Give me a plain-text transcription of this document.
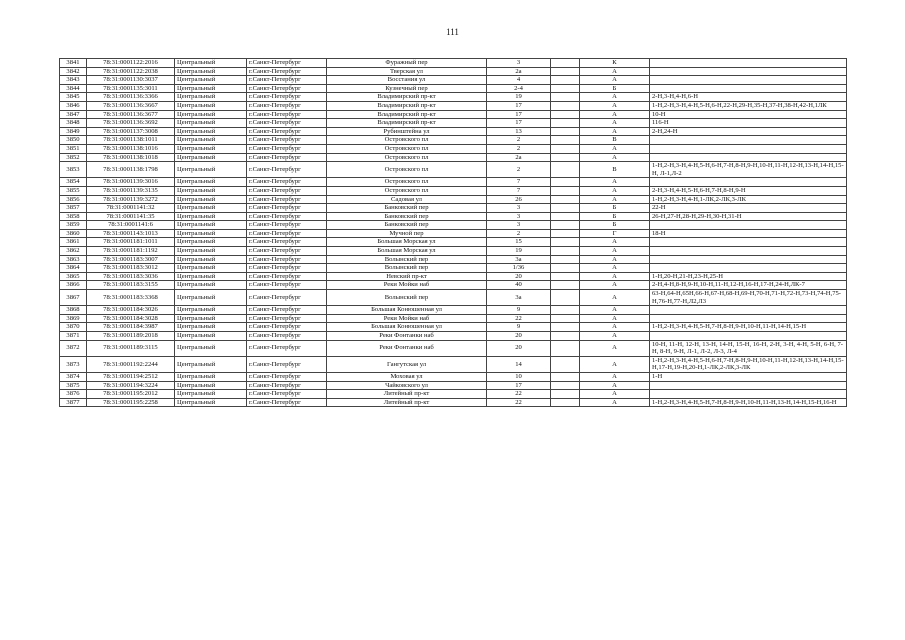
111
3841	78:31:0001122:2016	Центральный	г.Санкт-Петербург	Фуражный пер	3		К	
3842	78:31:0001122:2038	Центральный	г.Санкт-Петербург	Тверская ул	2а		А	
3843	78:31:0001130:3037	Центральный	г.Санкт-Петербург	Восстания ул	4		А	
3844	78:31:0001135:3011	Центральный	г.Санкт-Петербург	Кузнечный пер	2-4		Б	
3845	78:31:0001136:3366	Центральный	г.Санкт-Петербург	Владимирский пр-кт	19		А	2-Н,3-Н,4-Н,6-Н
3846	78:31:0001136:3667	Центральный	г.Санкт-Петербург	Владимирский пр-кт	17		А	1-Н,2-Н,3-Н,4-Н,5-Н,6-Н,22-Н,29-Н,35-Н,37-Н,38-Н,42-Н,1ЛК
3847	78:31:0001136:3677	Центральный	г.Санкт-Петербург	Владимирский пр-кт	17		А	10-Н
3848	78:31:0001136:3692	Центральный	г.Санкт-Петербург	Владимирский пр-кт	17		А	116-Н
3849	78:31:0001137:3008	Центральный	г.Санкт-Петербург	Рубинштейна ул	13		А	2-Н,24-Н
3850	78:31:0001138:1011	Центральный	г.Санкт-Петербург	Островского пл	2		В	
3851	78:31:0001138:1016	Центральный	г.Санкт-Петербург	Островского пл	2		А	
3852	78:31:0001138:1018	Центральный	г.Санкт-Петербург	Островского пл	2а		А	
3853	78:31:0001138:1798	Центральный	г.Санкт-Петербург	Островского пл	2		В	1-Н,2-Н,3-Н,4-Н,5-Н,6-Н,7-Н,8-Н,9-Н,10-Н,11-Н,12-Н,13-Н,14-Н,15-Н, Л-1,Л-2
3854	78:31:0001139:3016	Центральный	г.Санкт-Петербург	Островского пл	7		А	
3855	78:31:0001139:3135	Центральный	г.Санкт-Петербург	Островского пл	7		А	2-Н,3-Н,4-Н,5-Н,6-Н,7-Н,8-Н,9-Н
3856	78:31:0001139:3272	Центральный	г.Санкт-Петербург	Садовая ул	26		А	1-Н,2-Н,3-Н,4-Н,1-ЛК,2-ЛК,3-ЛК
3857	78:31:0001141:32	Центральный	г.Санкт-Петербург	Банковский пер	3		Б	22-Н
3858	78:31:0001141:35	Центральный	г.Санкт-Петербург	Банковский пер	3		Б	26-Н,27-Н,28-Н,29-Н,30-Н,31-Н
3859	78:31:0001141:6	Центральный	г.Санкт-Петербург	Банковский пер	3		Б	
3860	78:31:0001143:1013	Центральный	г.Санкт-Петербург	Мучной пер	2		Г	18-Н
3861	78:31:0001181:1011	Центральный	г.Санкт-Петербург	Большая Морская ул	15		А	
3862	78:31:0001181:1192	Центральный	г.Санкт-Петербург	Большая Морская ул	19		А	
3863	78:31:0001183:3007	Центральный	г.Санкт-Петербург	Волынский пер	3а		А	
3864	78:31:0001183:3012	Центральный	г.Санкт-Петербург	Волынский пер	1/36		А	
3865	78:31:0001183:3036	Центральный	г.Санкт-Петербург	Невский пр-кт	20		А	1-Н,20-Н,21-Н,23-Н,25-Н
3866	78:31:0001183:3155	Центральный	г.Санкт-Петербург	Реки Мойки наб	40		А	2-Н,4-Н,8-Н,9-Н,10-Н,11-Н,12-Н,16-Н,17-Н,24-Н,ЛК-7
3867	78:31:0001183:3368	Центральный	г.Санкт-Петербург	Волынский пер	3а		А	63-Н,64-Н,65Н,66-Н,67-Н,68-Н,69-Н,70-Н,71-Н,72-Н,73-Н,74-Н,75-Н,76-Н,77-Н,Л2,Л3
3868	78:31:0001184:3026	Центральный	г.Санкт-Петербург	Большая Конюшенная ул	9		А	
3869	78:31:0001184:3028	Центральный	г.Санкт-Петербург	Реки Мойки наб	22		А	
3870	78:31:0001184:3987	Центральный	г.Санкт-Петербург	Большая Конюшенная ул	9		А	1-Н,2-Н,3-Н,4-Н,5-Н,7-Н,8-Н,9-Н,10-Н,11-Н,14-Н,15-Н
3871	78:31:0001189:2018	Центральный	г.Санкт-Петербург	Реки Фонтанки наб	20		А	
3872	78:31:0001189:3115	Центральный	г.Санкт-Петербург	Реки Фонтанки наб	20		А	10-Н, 11-Н, 12-Н, 13-Н, 14-Н, 15-Н, 16-Н, 2-Н, 3-Н, 4-Н, 5-Н, 6-Н, 7-Н, 8-Н, 9-Н, Л-1, Л-2, Л-3, Л-4
3873	78:31:0001192:2244	Центральный	г.Санкт-Петербург	Гангутская ул	14		А	1-Н,2-Н,3-Н,4-Н,5-Н,6-Н,7-Н,8-Н,9-Н,10-Н,11-Н,12-Н,13-Н,14-Н,15-Н,17-Н,19-Н,20-Н,1-ЛК,2-ЛК,3-ЛК
3874	78:31:0001194:2512	Центральный	г.Санкт-Петербург	Моховая ул	10		А	1-Н
3875	78:31:0001194:3224	Центральный	г.Санкт-Петербург	Чайковского ул	17		А	
3876	78:31:0001195:2012	Центральный	г.Санкт-Петербург	Литейный пр-кт	22		А	
3877	78:31:0001195:2258	Центральный	г.Санкт-Петербург	Литейный пр-кт	22		А	1-Н,2-Н,3-Н,4-Н,5-Н,7-Н,8-Н,9-Н,10-Н,11-Н,13-Н,14-Н,15-Н,16-Н
